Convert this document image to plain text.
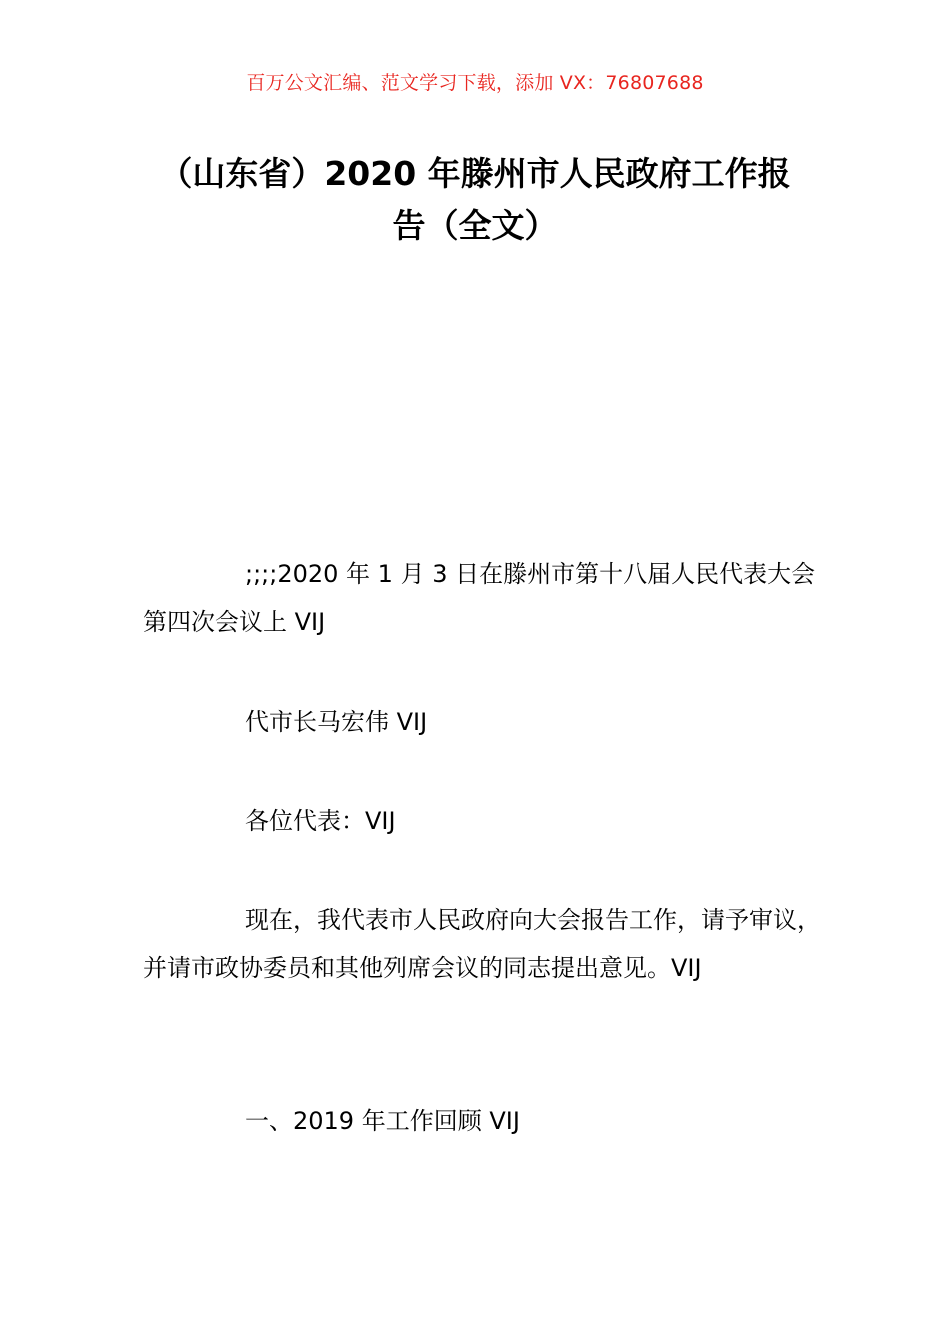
百万公文汇编、范文学习下载，添加 VX：76807688
（山东省）2020 年滕州市人民政府工作报
告（全文）
;;;;2020 年 1 月 3 日在滕州市第十八届人民代表大会第四次会议上 VIJ
代市长马宏伟 VIJ
各位代表：VIJ
现在，我代表市人民政府向大会报告工作，请予审议，并请市政协委员和其他列席会议的同志提出意见。VIJ
一、2019 年工作回顾 VIJ
